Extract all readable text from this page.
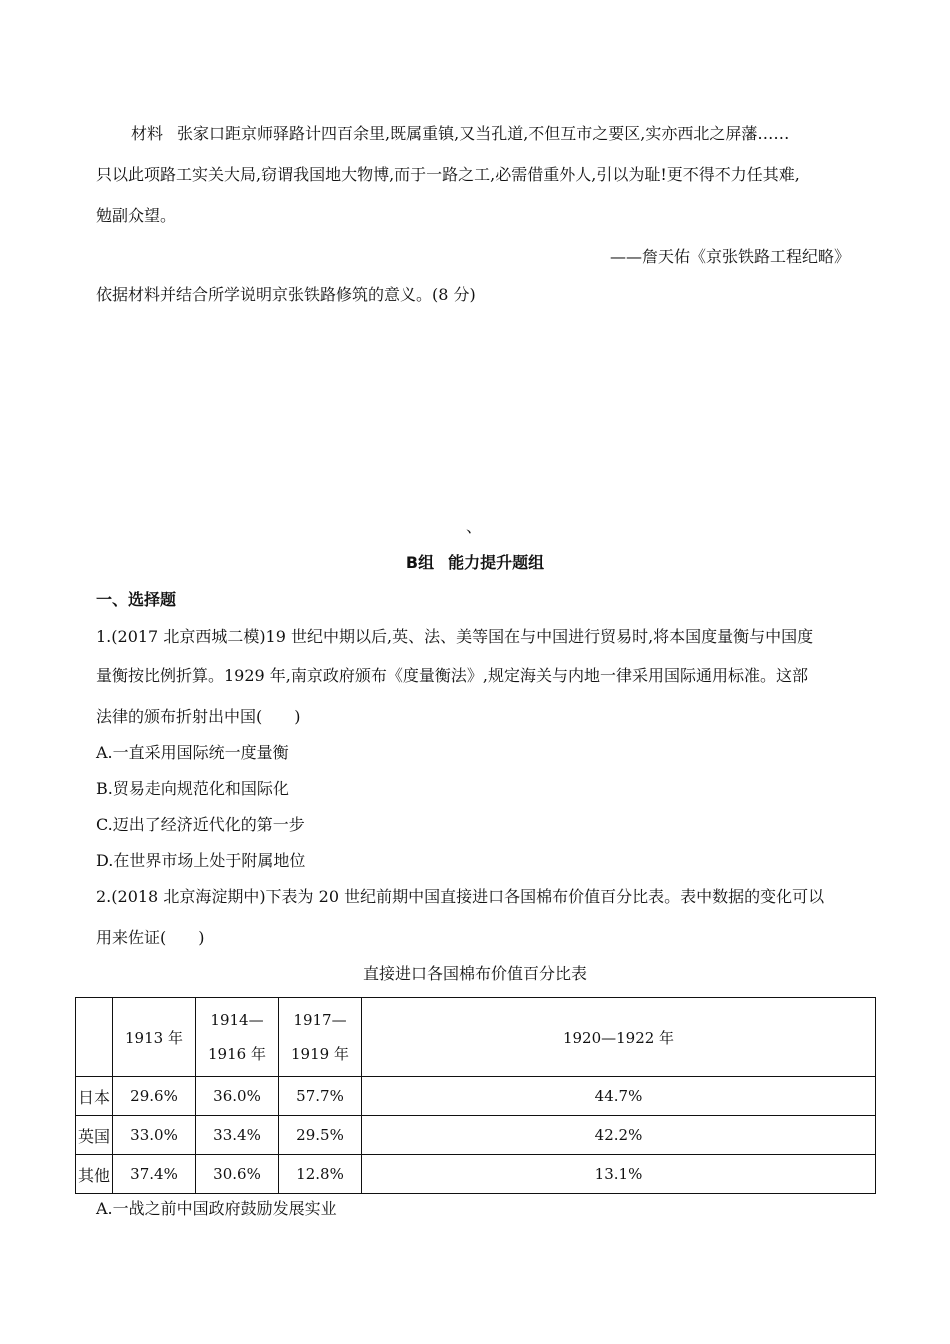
材料 张家口距京师驿路计四百余里,既属重镇,又当孔道,不但互市之要区,实亦西北之屏藩……
只以此项路工实关大局,窃谓我国地大物博,而于一路之工,必需借重外人,引以为耻!更不得不力任其难,
勉副众望。
——詹天佑《京张铁路工程纪略》
依据材料并结合所学说明京张铁路修筑的意义。(8 分)
、
B组 能力提升题组
一、选择题
1.(2017 北京西城二模)19 世纪中期以后,英、法、美等国在与中国进行贸易时,将本国度量衡与中国度
量衡按比例折算。1929 年,南京政府颁布《度量衡法》,规定海关与内地一律采用国际通用标准。这部
法律的颁布折射出中国(　　)
A.一直采用国际统一度量衡
B.贸易走向规范化和国际化
C.迈出了经济近代化的第一步
D.在世界市场上处于附属地位
2.(2018 北京海淀期中)下表为 20 世纪前期中国直接进口各国棉布价值百分比表。表中数据的变化可以
用来佐证(　　)
直接进口各国棉布价值百分比表
	1913 年	1914—
1916 年	1917—
1919 年	1920—1922 年
日本	29.6%	36.0%	57.7%	44.7%
英国	33.0%	33.4%	29.5%	42.2%
其他	37.4%	30.6%	12.8%	13.1%
A.一战之前中国政府鼓励发展实业
